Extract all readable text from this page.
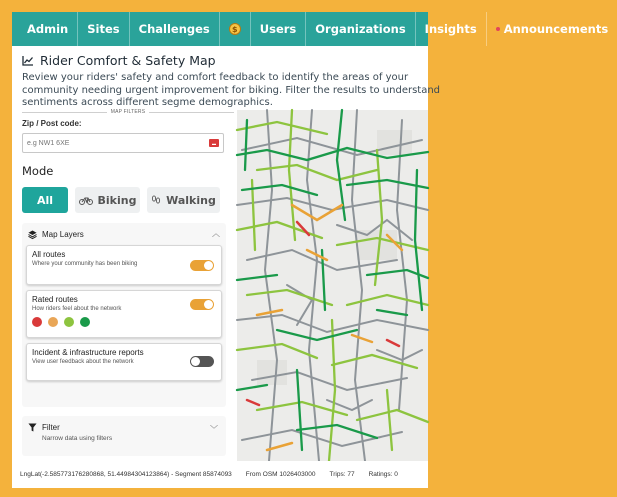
Admin	Sites	Challenges	$	Users	Organizations	Insights	Announcements
Rider Comfort & Safety Map
Review your riders' safety and comfort feedback to identify the areas of your community needing urgent improvement for biking. Filter the results to understand sentiments across different segme demographics.
MAP FILTERS
Zip / Post code:
e.g NW1 6XE
▬
Mode
All	Biking	Walking
Map Layers	︿
All routes
Where your community has been biking
Rated routes
How riders feel about the network
Incident & infrastructure reports
View user feedback about the network
Filter
Narrow data using filters
﹀
LngLat(-2.585773176280868, 51.44984304123864) - Segment 85874093 From OSM 1026403000 Trips: 77 Ratings: 0
